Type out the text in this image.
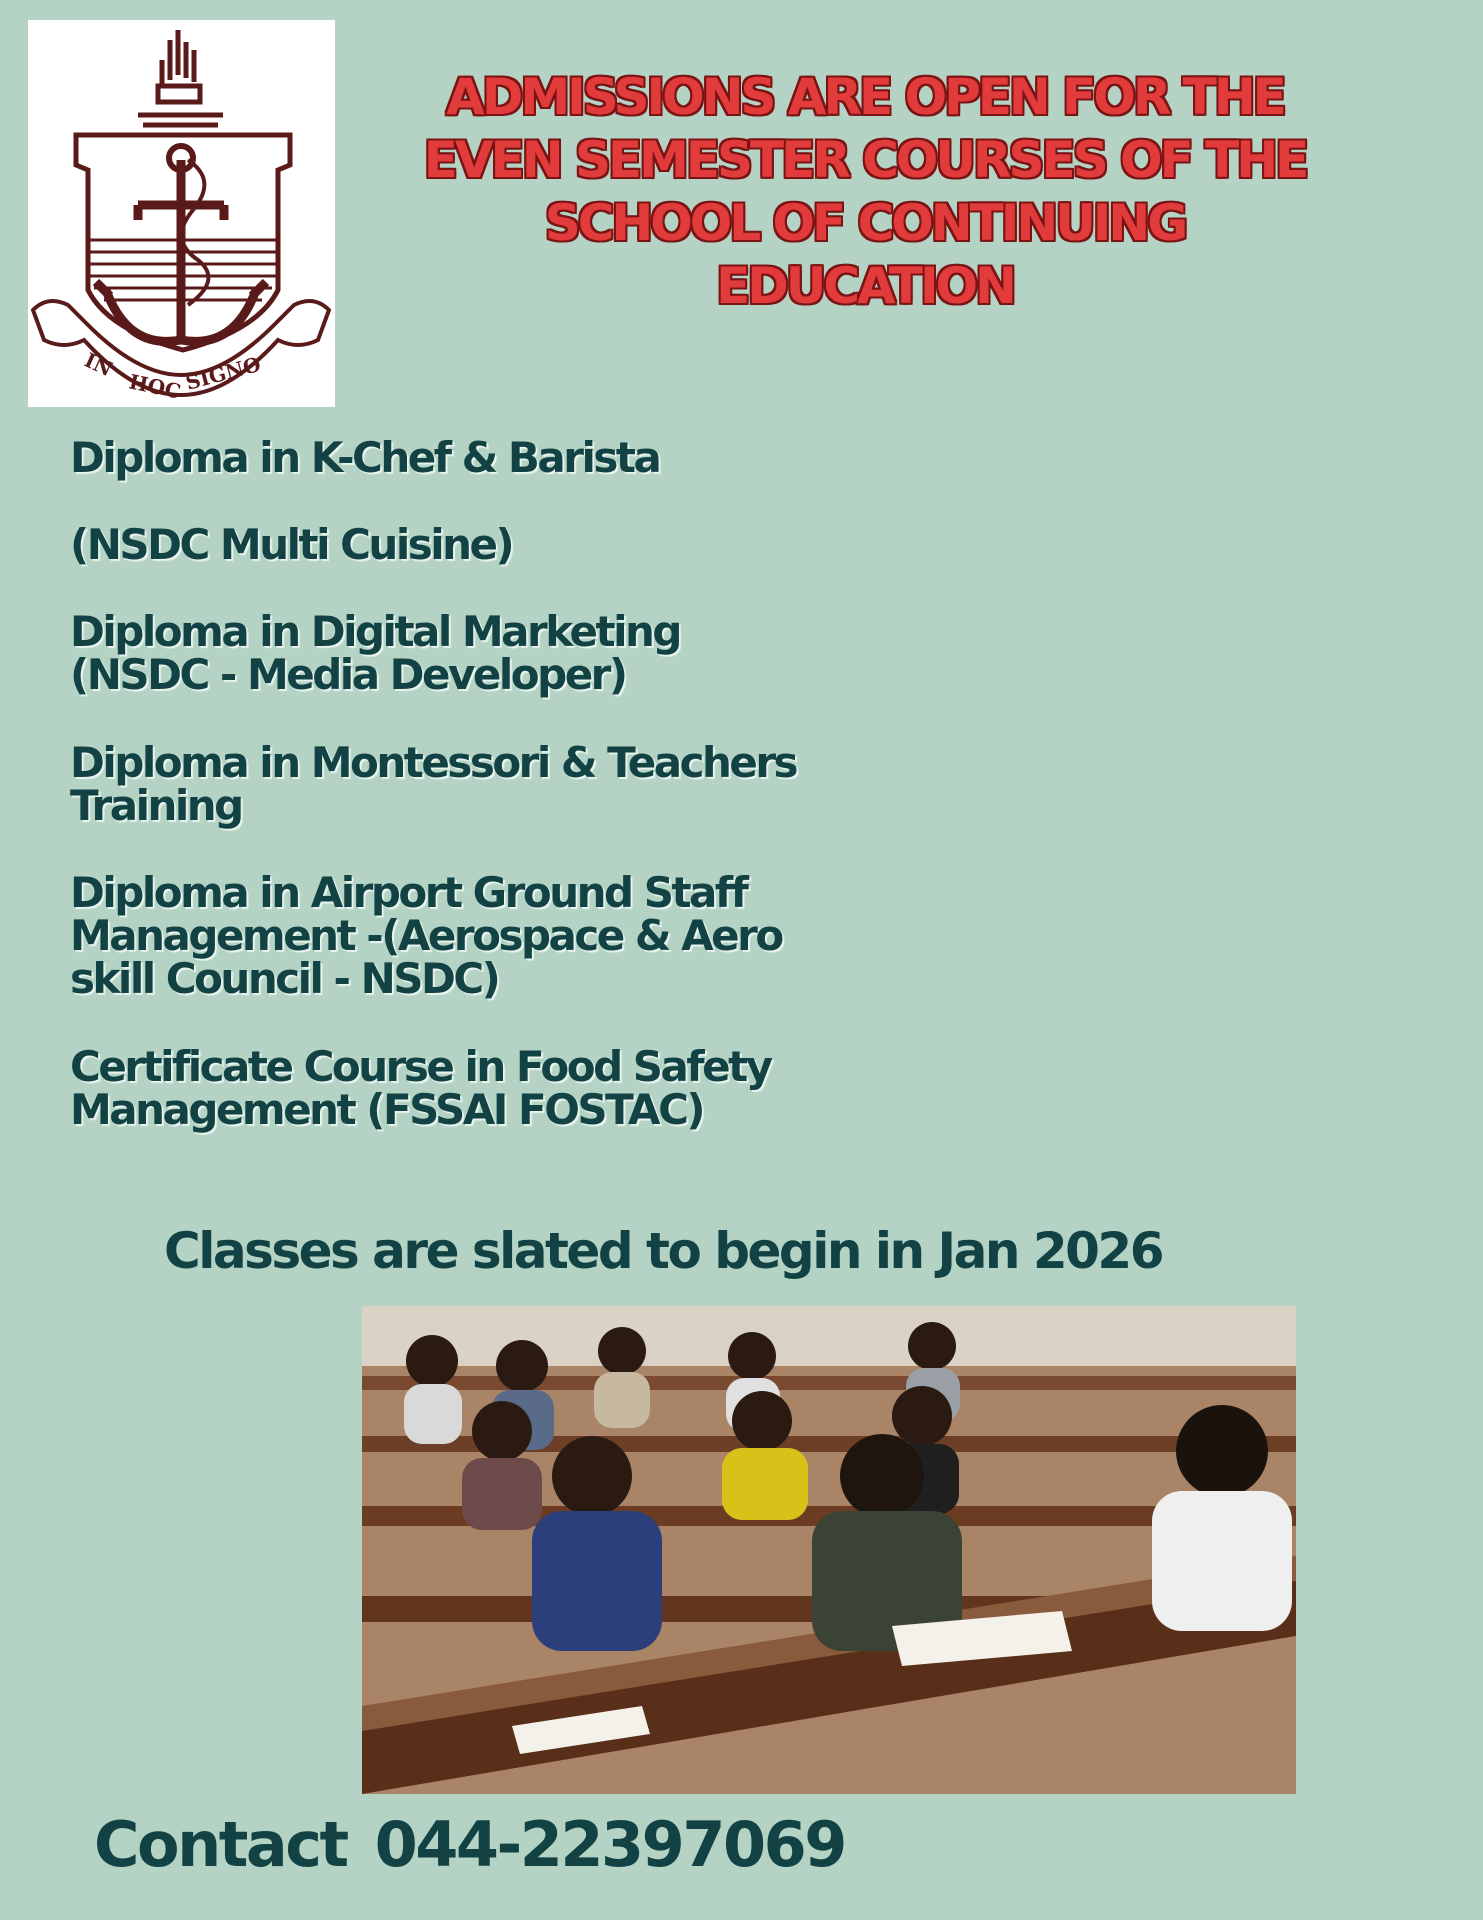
IN
HOC SIGNO
ADMISSIONS ARE OPEN FOR THE
EVEN SEMESTER COURSES OF THE
SCHOOL OF CONTINUING
EDUCATION
Diploma in K-Chef & Barista
(NSDC Multi Cuisine)
Diploma in Digital Marketing
(NSDC - Media Developer)
Diploma in Montessori & Teachers
Training
Diploma in Airport Ground Staff
Management -(Aerospace & Aero
skill Council - NSDC)
Certificate Course in Food Safety
Management (FSSAI FOSTAC)
Classes are slated to begin in Jan 2026
Contact 044-22397069
